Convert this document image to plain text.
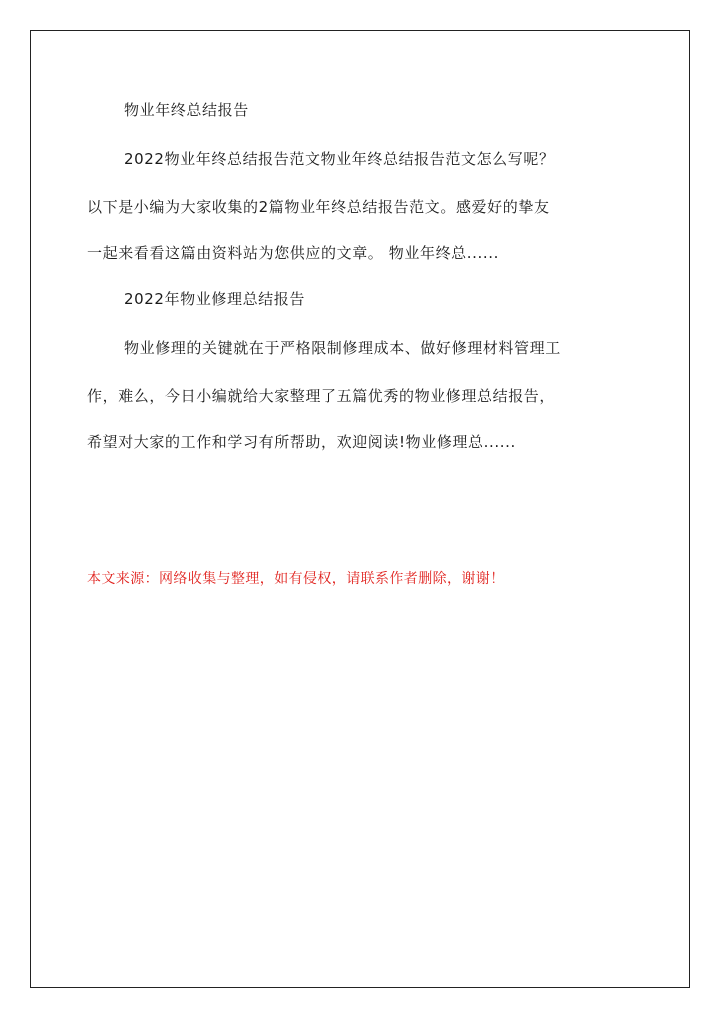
物业年终总结报告
2022物业年终总结报告范文物业年终总结报告范文怎么写呢？
以下是小编为大家收集的2篇物业年终总结报告范文。感爱好的挚友
一起来看看这篇由资料站为您供应的文章。 物业年终总......
2022年物业修理总结报告
物业修理的关键就在于严格限制修理成本、做好修理材料管理工
作，难么，今日小编就给大家整理了五篇优秀的物业修理总结报告，
希望对大家的工作和学习有所帮助，欢迎阅读!物业修理总......
本文来源：网络收集与整理，如有侵权，请联系作者删除，谢谢！
